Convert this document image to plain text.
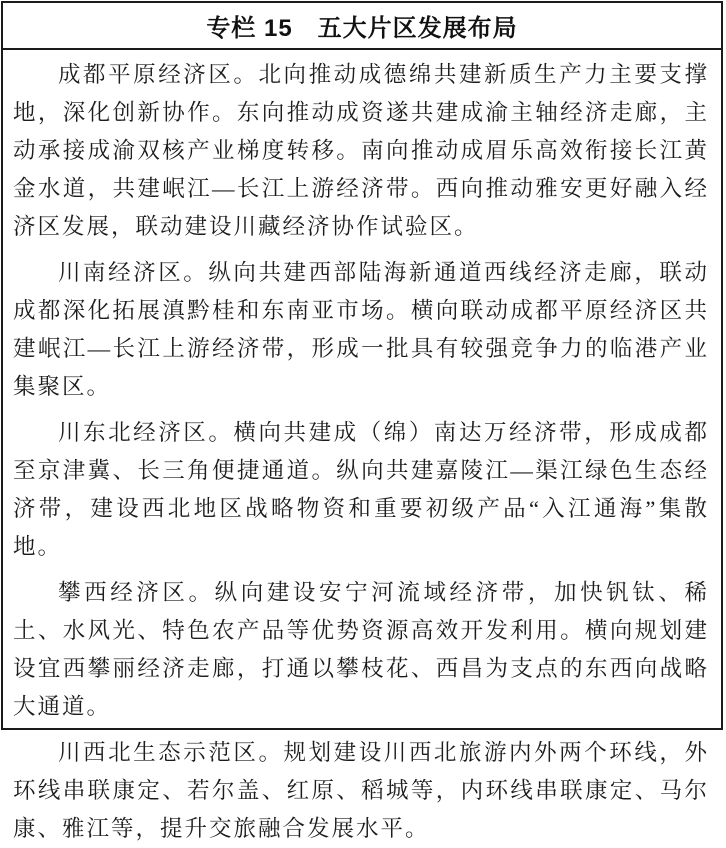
专栏 15　五大片区发展布局

成都平原经济区。北向推动成德绵共建新质生产力主要支撑地，深化创新协作。东向推动成资遂共建成渝主轴经济走廊，主动承接成渝双核产业梯度转移。南向推动成眉乐高效衔接长江黄金水道，共建岷江—长江上游经济带。西向推动雅安更好融入经济区发展，联动建设川藏经济协作试验区。

川南经济区。纵向共建西部陆海新通道西线经济走廊，联动成都深化拓展滇黔桂和东南亚市场。横向联动成都平原经济区共建岷江—长江上游经济带，形成一批具有较强竞争力的临港产业集聚区。

川东北经济区。横向共建成（绵）南达万经济带，形成成都至京津冀、长三角便捷通道。纵向共建嘉陵江—渠江绿色生态经济带，建设西北地区战略物资和重要初级产品“入江通海”集散地。

攀西经济区。纵向建设安宁河流域经济带，加快钒钛、稀土、水风光、特色农产品等优势资源高效开发利用。横向规划建设宜西攀丽经济走廊，打通以攀枝花、西昌为支点的东西向战略大通道。

川西北生态示范区。规划建设川西北旅游内外两个环线，外环线串联康定、若尔盖、红原、稻城等，内环线串联康定、马尔康、雅江等，提升交旅融合发展水平。
